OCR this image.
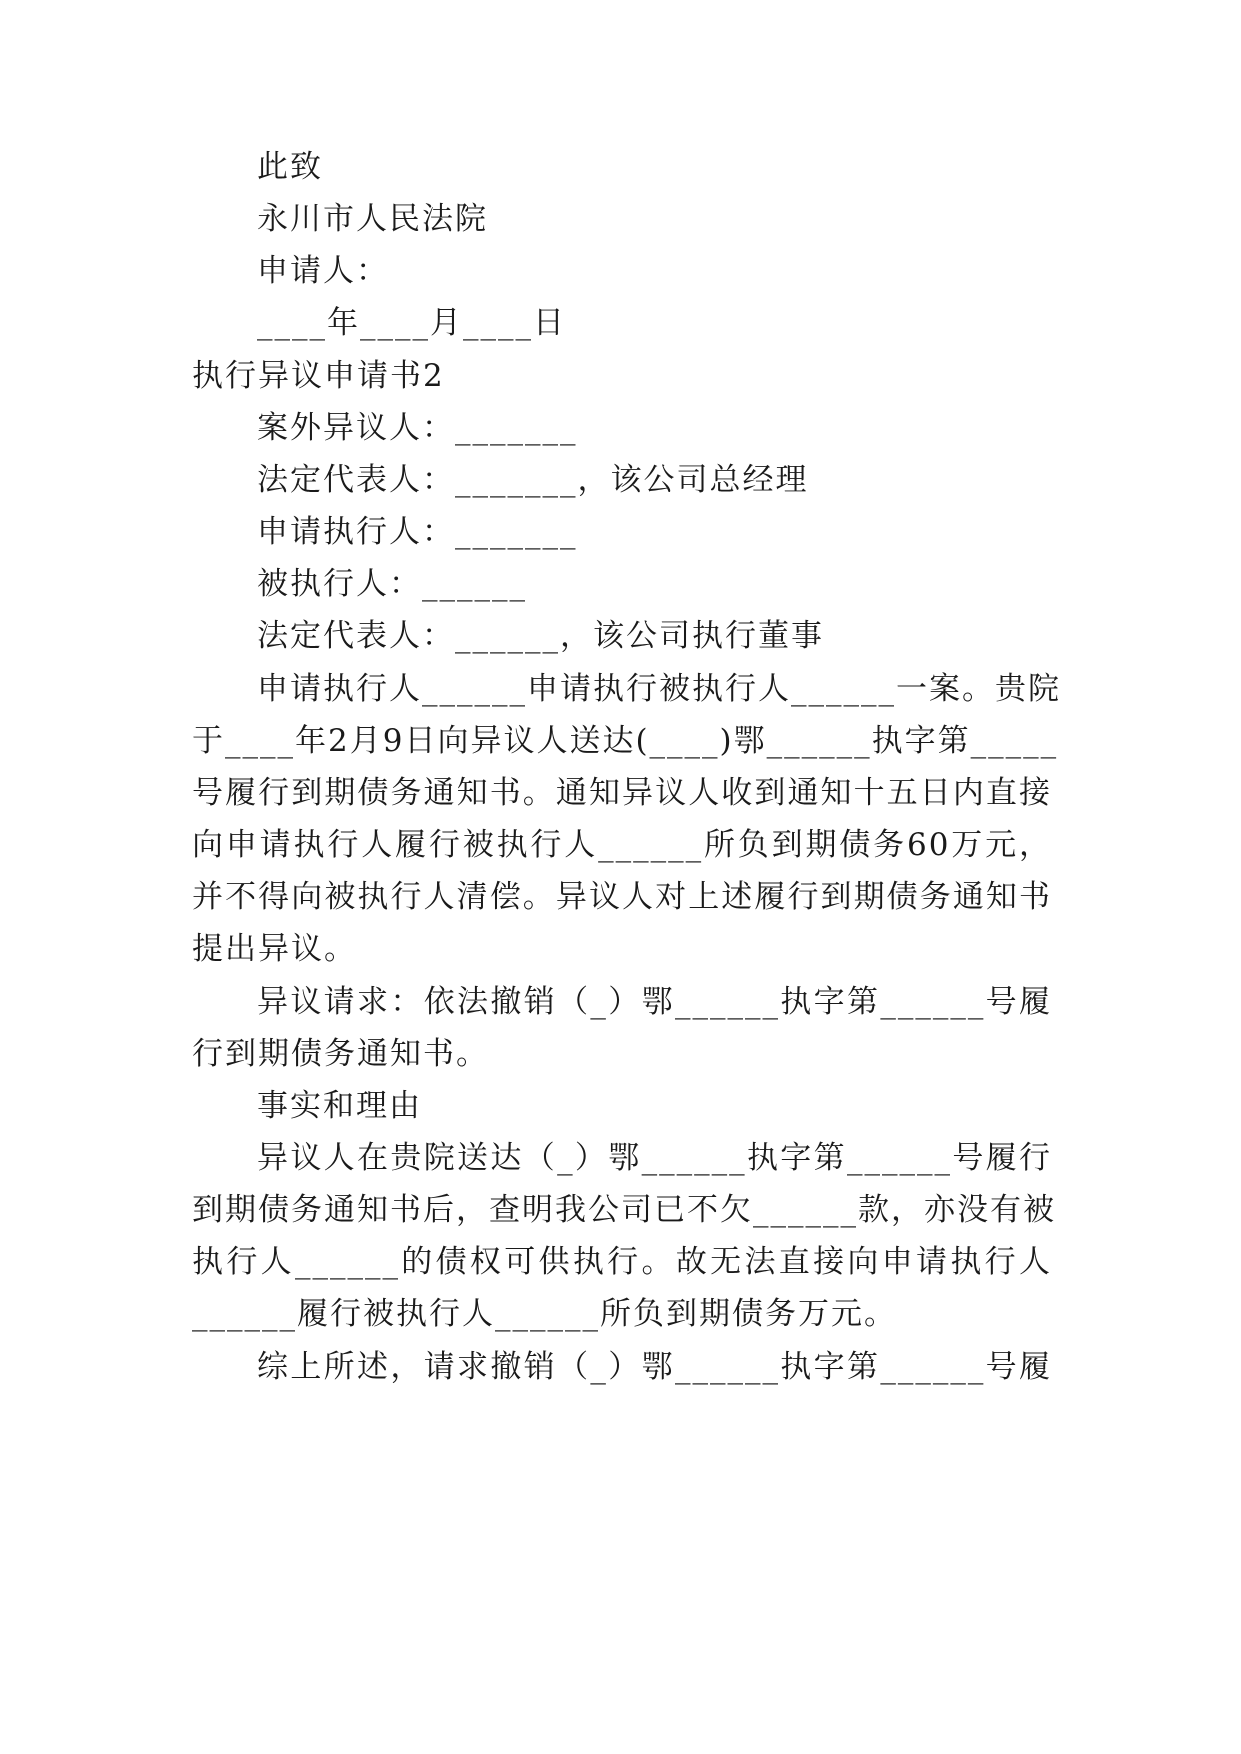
此致
永川市人民法院
申请人：
____年____月____日
执行异议申请书2
案外异议人：_______
法定代表人：_______，该公司总经理
申请执行人：_______
被执行人：______
法定代表人：______，该公司执行董事
申请执行人______申请执行被执行人______一案。贵院
于____年2月9日向异议人送达(____)鄂______执字第_____
号履行到期债务通知书。通知异议人收到通知十五日内直接
向申请执行人履行被执行人______所负到期债务60万元，
并不得向被执行人清偿。异议人对上述履行到期债务通知书
提出异议。
异议请求：依法撤销（_）鄂______执字第______号履
行到期债务通知书。
事实和理由
异议人在贵院送达（_）鄂______执字第______号履行
到期债务通知书后，查明我公司已不欠______款，亦没有被
执行人______的债权可供执行。故无法直接向申请执行人
______履行被执行人______所负到期债务万元。
综上所述，请求撤销（_）鄂______执字第______号履
